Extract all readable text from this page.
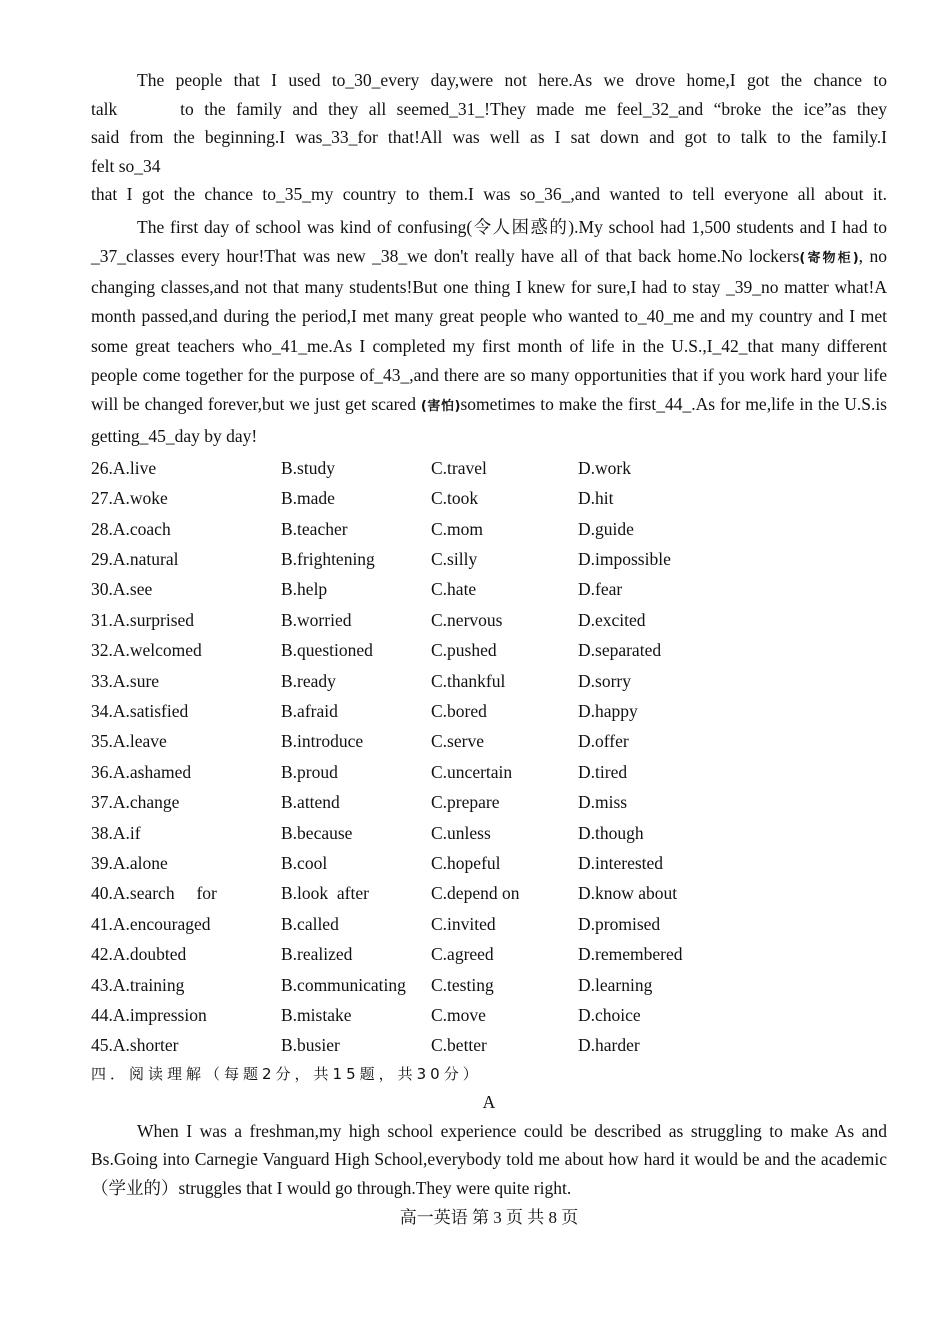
The people that I used to_30_every day,were not here.As we drove home,I got the chance to
talk      to the family and they all seemed_31_!They made me feel_32_and “broke the ice”as they
said from the beginning.I was_33_for that!All was well as I sat down and got to talk to the family.I
felt so_34
that I got the chance to_35_my country to them.I was so_36_,and wanted to tell everyone all about it.

The first day of school was kind of confusing(令人困惑的).My school had 1,500 students and I had to _37_classes every hour!That was new _38_we don't really have all of that back home.No lockers(寄物柜), no changing classes,and not that many students!But one thing I knew for sure,I had to stay _39_no matter what!A month passed,and during the period,I met many great people who wanted to_40_me and my country and I met some great teachers who_41_me.As I completed my first month of life in the U.S.,I_42_that many different people come together for the purpose of_43_,and there are so many opportunities that if you work hard your life will be changed forever,but we just get scared (害怕)sometimes to make the first_44_.As for me,life in the U.S.is getting_45_day by day!

26.A.live	B.study	C.travel	D.work
27.A.woke	B.made	C.took	D.hit
28.A.coach	B.teacher	C.mom	D.guide
29.A.natural	B.frightening	C.silly	D.impossible
30.A.see	B.help	C.hate	D.fear
31.A.surprised	B.worried	C.nervous	D.excited
32.A.welcomed	B.questioned	C.pushed	D.separated
33.A.sure	B.ready	C.thankful	D.sorry
34.A.satisfied	B.afraid	C.bored	D.happy
35.A.leave	B.introduce	C.serve	D.offer
36.A.ashamed	B.proud	C.uncertain	D.tired
37.A.change	B.attend	C.prepare	D.miss
38.A.if	B.because	C.unless	D.though
39.A.alone	B.cool	C.hopeful	D.interested
40.A.search     for	B.look  after	C.depend on	D.know about
41.A.encouraged	B.called	C.invited	D.promised
42.A.doubted	B.realized	C.agreed	D.remembered
43.A.training	B.communicating C.testing	D.learning
44.A.impression	B.mistake	C.move	D.choice
45.A.shorter	B.busier	C.better	D.harder
四．阅读理解（每题2分，共15题，共30分）
A

When I was a freshman,my high school experience could be described as struggling to make As and Bs.Going into Carnegie Vanguard High School,everybody told me about how hard it would be and the academic（学业的）struggles that I would go through.They were quite right.

高一英语 第 3 页 共 8 页
